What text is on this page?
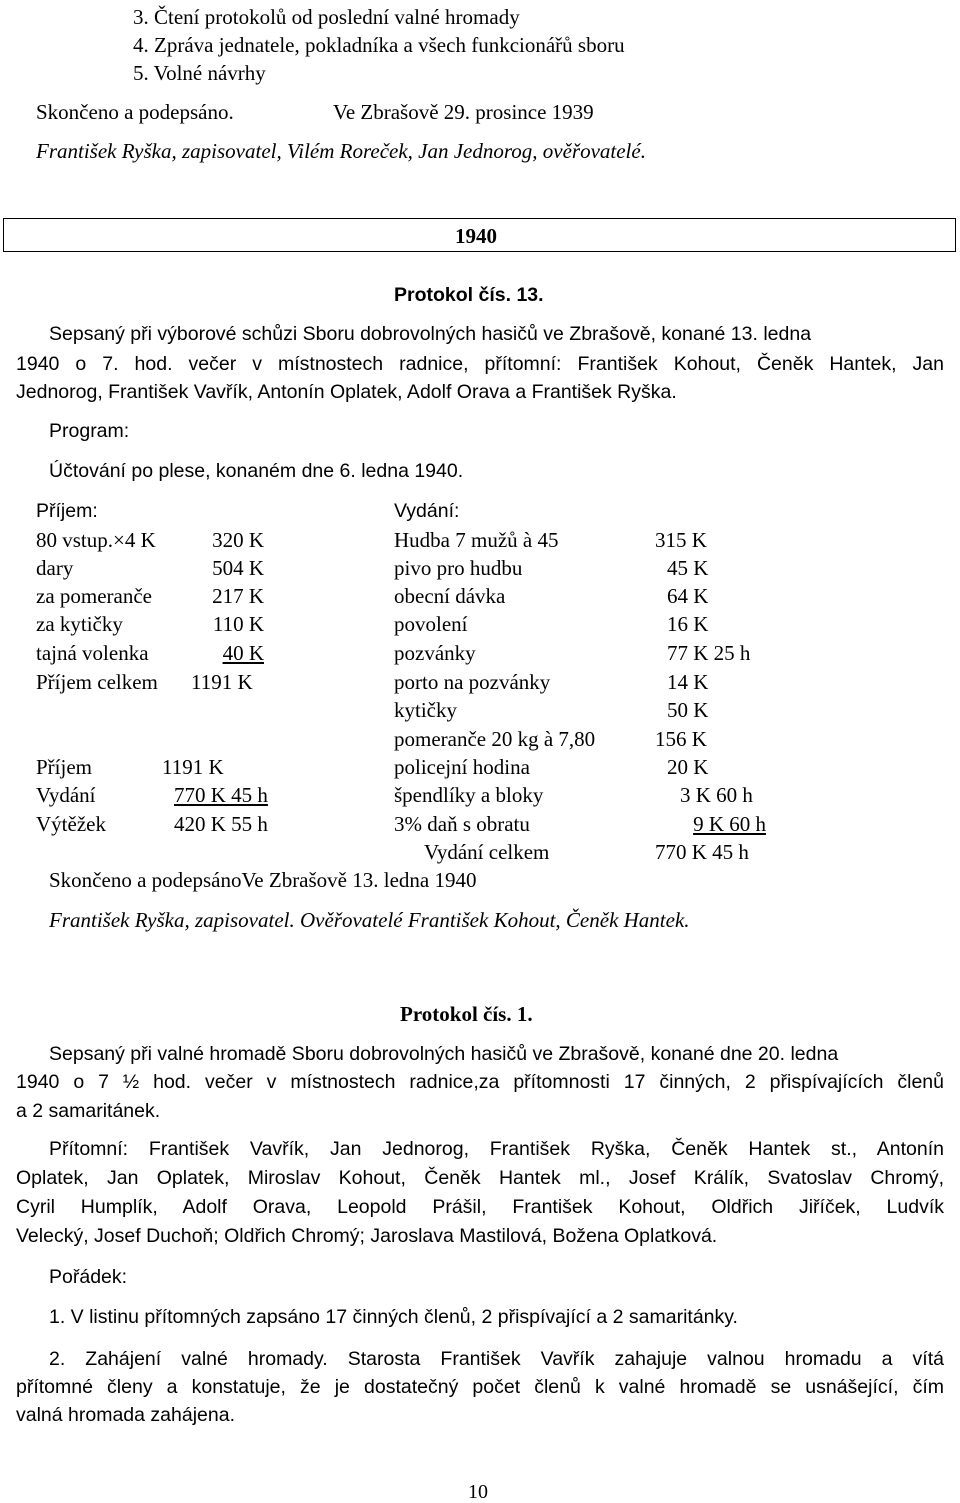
3. Čtení protokolů od poslední valné hromady
4. Zpráva jednatele, pokladníka a všech funkcionářů sboru
5. Volné návrhy
Skončeno a podepsáno.	Ve Zbrašově 29. prosince 1939
František Ryška, zapisovatel, Vilém Roreček, Jan Jednorog, ověřovatelé.
1940
Protokol čís. 13.
Sepsaný při výborové schůzi Sboru dobrovolných hasičů ve Zbrašově, konané 13. ledna
1940 o 7. hod. večer v místnostech radnice, přítomní: František Kohout, Čeněk Hantek, Jan
Jednorog, František Vavřík, Antonín Oplatek, Adolf Orava a František Ryška.
Program:
Účtování po plese, konaném dne 6. ledna 1940.
Příjem:	Vydání:
80 vstup.×4 K	320 K
dary	504 K
za pomeranče	217 K
za kytičky	110 K
tajná volenka	40 K
Příjem celkem 1191 K
Hudba 7 mužů à 45	315 K
pivo pro hudbu	45 K
obecní dávka	64 K
povolení	16 K
pozvánky	77 K 25 h
porto na pozvánky	14 K
kytičky	50 K
pomeranče 20 kg à 7,80	156 K
policejní hodina	20 K
špendlíky a bloky	3 K 60 h
3% daň s obratu	9 K 60 h
Vydání celkem	770 K 45 h
Příjem	1191 K
Vydání	770 K 45 h
Výtěžek	420 K 55 h
Skončeno a podepsánoVe Zbrašově 13. ledna 1940
František Ryška, zapisovatel. Ověřovatelé František Kohout, Čeněk Hantek.
Protokol čís. 1.
Sepsaný při valné hromadě Sboru dobrovolných hasičů ve Zbrašově, konané dne 20. ledna
1940 o 7 ½ hod. večer v místnostech radnice,za přítomnosti 17 činných, 2 přispívajících členů
a 2 samaritánek.
Přítomní: František Vavřík, Jan Jednorog, František Ryška, Čeněk Hantek st., Antonín
Oplatek, Jan Oplatek, Miroslav Kohout, Čeněk Hantek ml., Josef Králík, Svatoslav Chromý,
Cyril Humplík, Adolf Orava, Leopold Prášil, František Kohout, Oldřich Jiříček, Ludvík
Velecký, Josef Duchoň; Oldřich Chromý; Jaroslava Mastilová, Božena Oplatková.
Pořádek:
1. V listinu přítomných zapsáno 17 činných členů, 2 přispívající a 2 samaritánky.
2. Zahájení valné hromady. Starosta František Vavřík zahajuje valnou hromadu a vítá
přítomné členy a konstatuje, že je dostatečný počet členů k valné hromadě se usnášející, čím
valná hromada zahájena.
10
